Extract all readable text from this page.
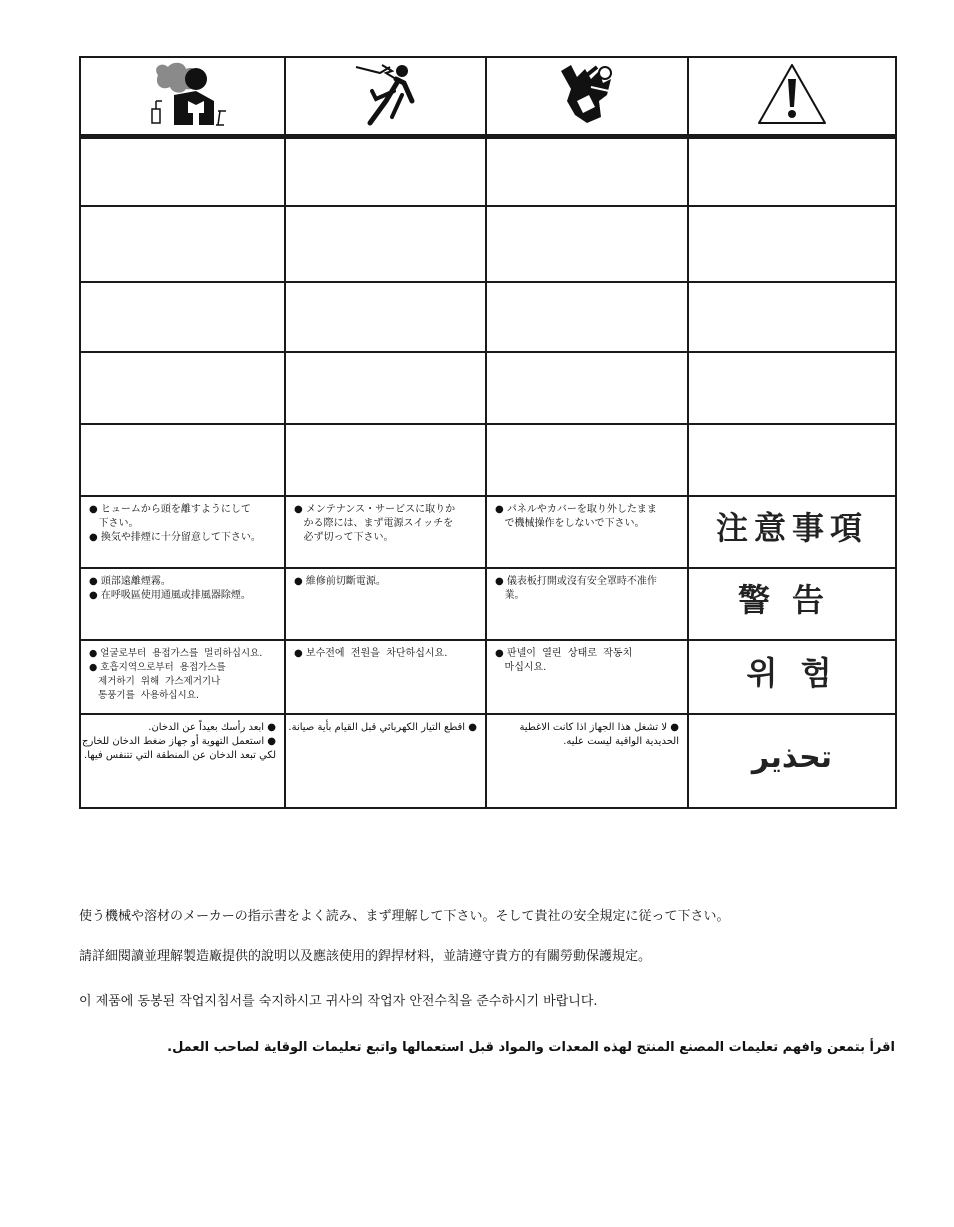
● ヒュームから頭を離すようにして
下さい。
● 換気や排煙に十分留意して下さい。	● メンテナンス・サービスに取りか
かる際には、まず電源スイッチを
必ず切って下さい。	● パネルやカバーを取り外したまま
で機械操作をしないで下さい。	注意事項

● 頭部遠離煙霧。
● 在呼吸區使用通風或排風器除煙。	● 維修前切斷電源。	● 儀表板打開或沒有安全罩時不准作
業。	警告

● 얼굴로부터  용접가스를  멀리하십시요.
● 호흡지역으로부터  용접가스를
제거하기  위해  가스제거기나
통풍기를  사용하십시요.	● 보수전에  전원을  차단하십시요.	● 판넬이  열린  상태로  작동치
마십시요.	위 험

● ابعد رأسك بعيداً عن الدخان.
● استعمل التهوية أو جهاز ضغط الدخان للخارج
لكي تبعد الدخان عن المنطقة التي تتنفس فيها.	● اقطع التيار الكهربائي قبل القيام بأية صيانة.	● لا تشغل هذا الجهاز اذا كانت الاغطية
الحديدية الواقية ليست عليه.	تحذير
使う機械や溶材のメーカーの指示書をよく読み、まず理解して下さい。そして貴社の安全規定に従って下さい。
請詳細閱讀並理解製造廠提供的說明以及應該使用的銲捍材料，並請遵守貴方的有關勞動保護規定。
이 제품에 동봉된 작업지침서를 숙지하시고 귀사의 작업자 안전수칙을 준수하시기 바랍니다.
اقرأ بتمعن وافهم تعليمات المصنع المنتج لهذه المعدات والمواد قبل استعمالها واتبع تعليمات الوقاية لصاحب العمل.
